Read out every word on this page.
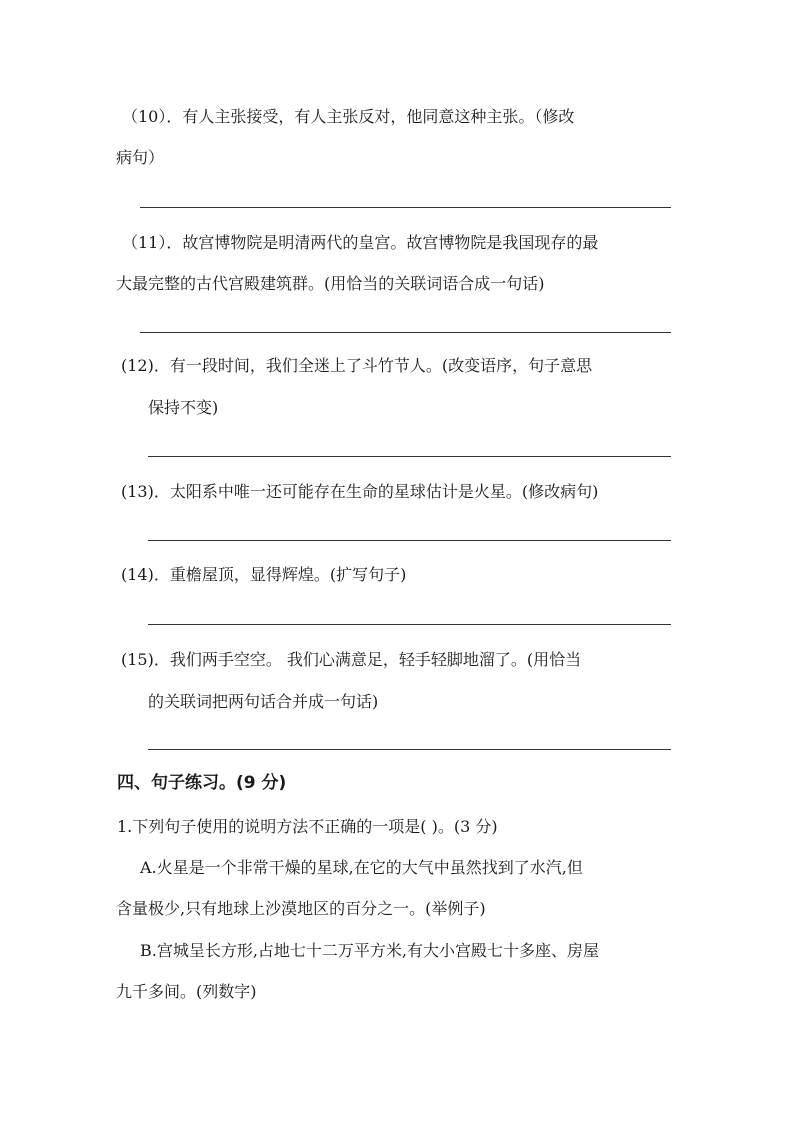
（10）．有人主张接受，有人主张反对，他同意这种主张。（修改
病句）
（11）．故宫博物院是明清两代的皇宫。故宫博物院是我国现存的最
大最完整的古代宫殿建筑群。(用恰当的关联词语合成一句话)
(12)．有一段时间，我们全迷上了斗竹节人。(改变语序，句子意思
保持不变)
(13)．太阳系中唯一还可能存在生命的星球估计是火星。(修改病句)
(14)．重檐屋顶，显得辉煌。(扩写句子)
(15)．我们两手空空。 我们心满意足，轻手轻脚地溜了。(用恰当
的关联词把两句话合并成一句话)
四、句子练习。(9 分)
1.下列句子使用的说明方法不正确的一项是( )。(3 分)
A.火星是一个非常干燥的星球,在它的大气中虽然找到了水汽,但
含量极少,只有地球上沙漠地区的百分之一。(举例子)
B.宫城呈长方形,占地七十二万平方米,有大小宫殿七十多座、房屋
九千多间。(列数字)
